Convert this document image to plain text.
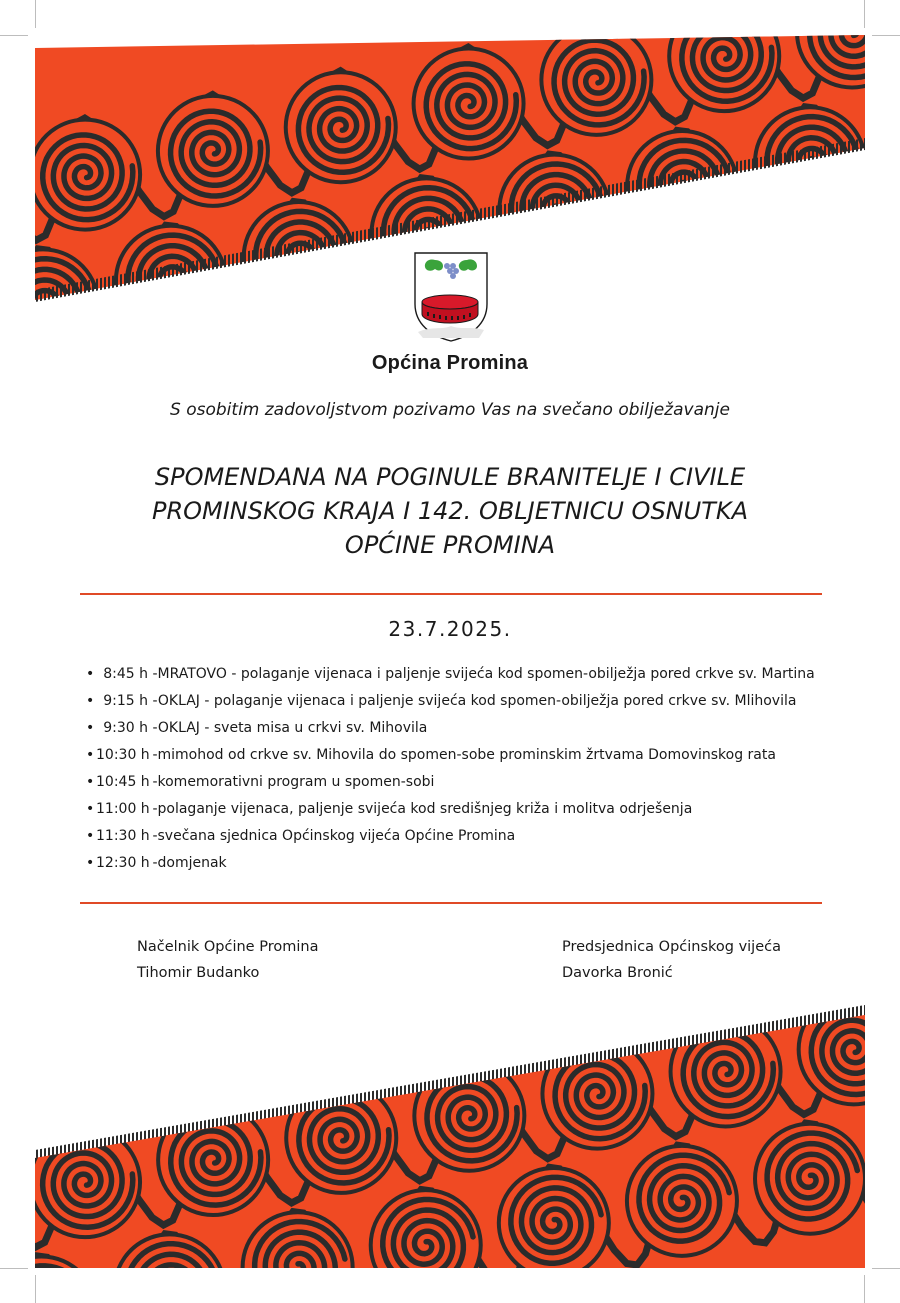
Općina Promina
S osobitim zadovoljstvom pozivamo Vas na svečano obilježavanje
SPOMENDANA NA POGINULE BRANITELJE I CIVILE
PROMINSKOG KRAJA I 142. OBLJETNICU OSNUTKA
OPĆINE PROMINA
23.7.2025.
• 8:45 h -MRATOVO - polaganje vijenaca i paljenje svijeća kod spomen-obilježja pored crkve sv. Martina
• 9:15 h -OKLAJ - polaganje vijenaca i paljenje svijeća kod spomen-obilježja pored crkve sv. Mlihovila
• 9:30 h -OKLAJ - sveta misa u crkvi sv. Mihovila
• 10:30 h -mimohod od crkve sv. Mihovila do spomen-sobe prominskim žrtvama Domovinskog rata
• 10:45 h -komemorativni program u spomen-sobi
• 11:00 h -polaganje vijenaca, paljenje svijeća kod središnjeg križa i molitva odrješenja
• 11:30 h -svečana sjednica Općinskog vijeća Općine Promina
• 12:30 h -domjenak
Načelnik Općine Promina
Tihomir Budanko
Predsjednica Općinskog vijeća
Davorka Bronić
